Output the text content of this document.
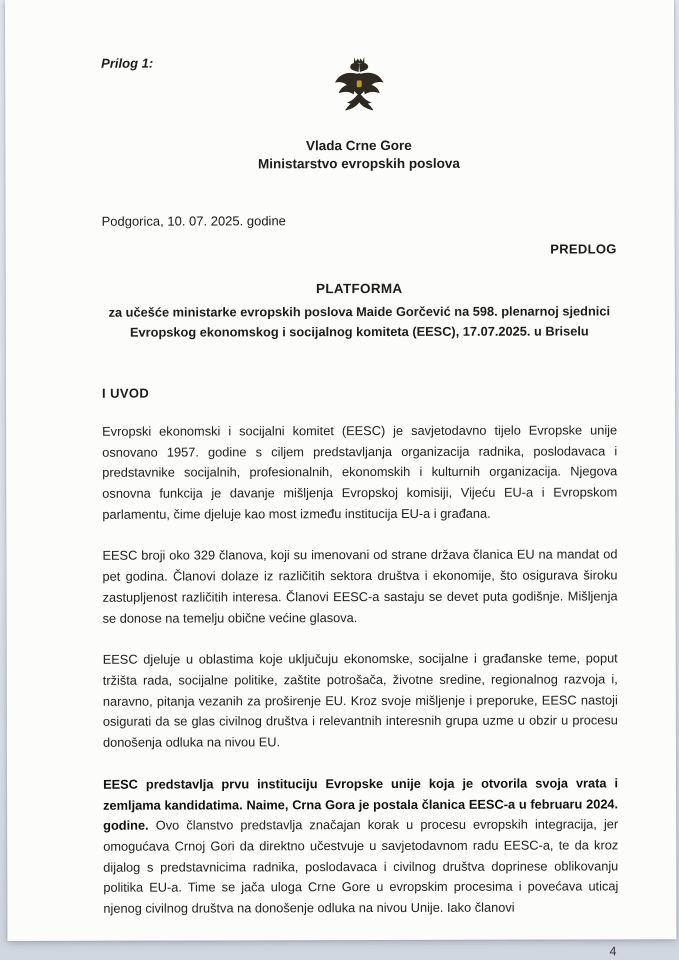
Prilog 1:
Vlada Crne Gore
Ministarstvo evropskih poslova
Podgorica, 10. 07. 2025. godine
PREDLOG
PLATFORMA
za učešće ministarke evropskih poslova Maide Gorčević na 598. plenarnoj sjednici Evropskog ekonomskog i socijalnog komiteta (EESC), 17.07.2025. u Briselu
I UVOD

Evropski ekonomski i socijalni komitet (EESC) je savjetodavno tijelo Evropske unije osnovano 1957. godine s ciljem predstavljanja organizacija radnika, poslodavaca i predstavnike socijalnih, profesionalnih, ekonomskih i kulturnih organizacija. Njegova osnovna funkcija je davanje mišljenja Evropskoj komisiji, Vijeću EU-a i Evropskom parlamentu, čime djeluje kao most između institucija EU-a i građana.

EESC broji oko 329 članova, koji su imenovani od strane država članica EU na mandat od pet godina. Članovi dolaze iz različitih sektora društva i ekonomije, što osigurava široku zastupljenost različitih interesa. Članovi EESC-a sastaju se devet puta godišnje. Mišljenja se donose na temelju obične većine glasova.

EESC djeluje u oblastima koje uključuju ekonomske, socijalne i građanske teme, poput tržišta rada, socijalne politike, zaštite potrošača, životne sredine, regionalnog razvoja i, naravno, pitanja vezanih za proširenje EU. Kroz svoje mišljenje i preporuke, EESC nastoji osigurati da se glas civilnog društva i relevantnih interesnih grupa uzme u obzir u procesu donošenja odluka na nivou EU.

EESC predstavlja prvu instituciju Evropske unije koja je otvorila svoja vrata i zemljama kandidatima. Naime, Crna Gora je postala članica EESC-a u februaru 2024. godine. Ovo članstvo predstavlja značajan korak u procesu evropskih integracija, jer omogućava Crnoj Gori da direktno učestvuje u savjetodavnom radu EESC-a, te da kroz dijalog s predstavnicima radnika, poslodavaca i civilnog društva doprinese oblikovanju politika EU-a. Time se jača uloga Crne Gore u evropskim procesima i povećava uticaj njenog civilnog društva na donošenje odluka na nivou Unije. Iako članovi

4
